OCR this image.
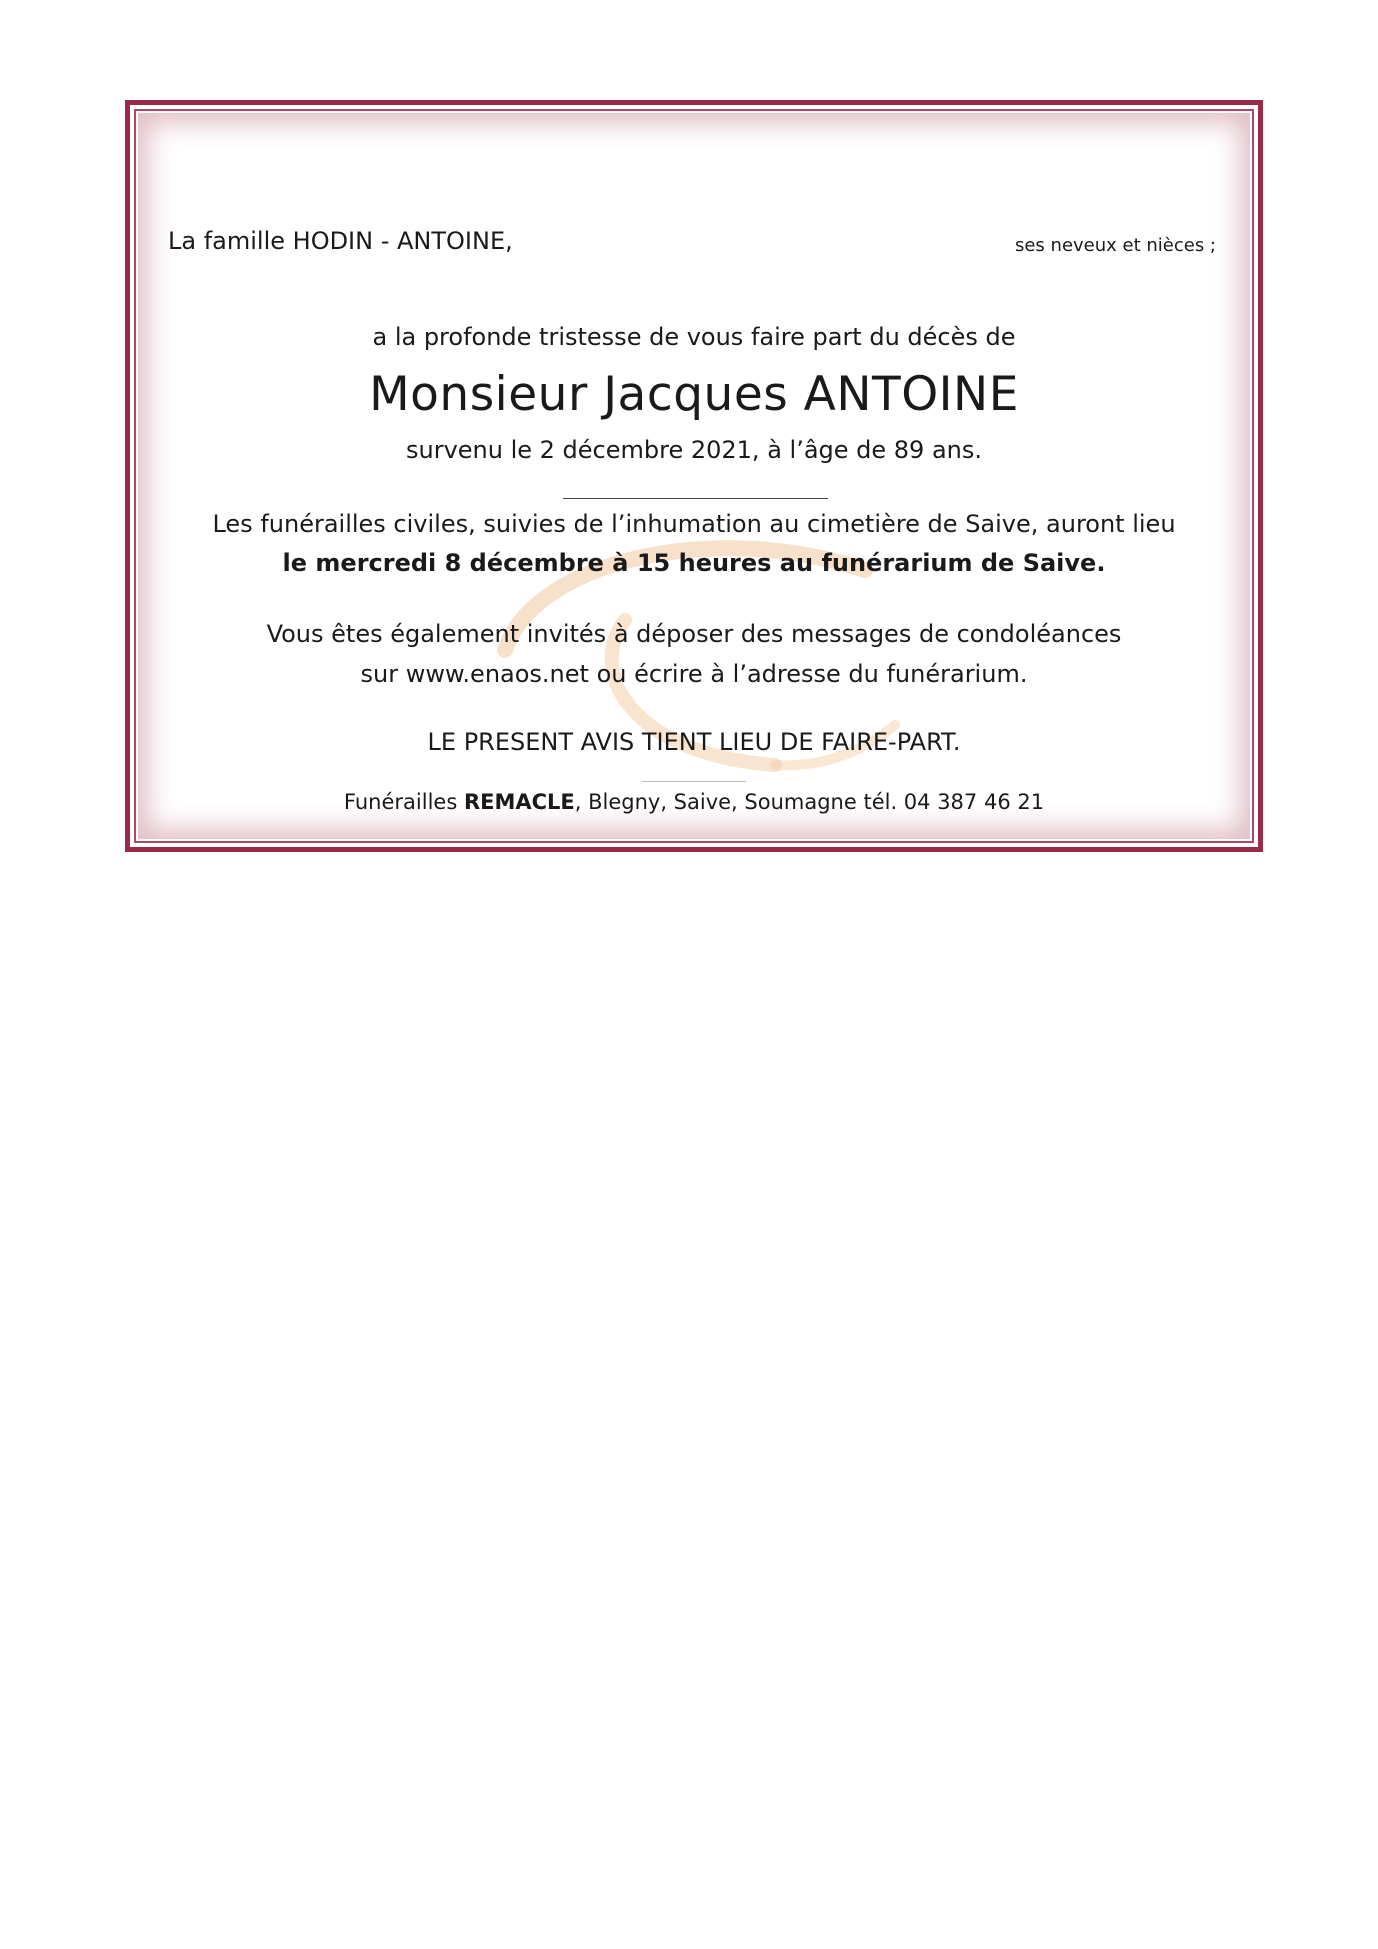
La famille HODIN - ANTOINE,	ses neveux et nièces ;

a la profonde tristesse de vous faire part du décès de

Monsieur Jacques ANTOINE

survenu le 2 décembre 2021, à l’âge de 89 ans.

Les funérailles civiles, suivies de l’inhumation au cimetière de Saive, auront lieu

le mercredi 8 décembre à 15 heures au funérarium de Saive.

Vous êtes également invités à déposer des messages de condoléances

sur www.enaos.net ou écrire à l’adresse du funérarium.

LE PRESENT AVIS TIENT LIEU DE FAIRE-PART.

Funérailles REMACLE, Blegny, Saive, Soumagne tél. 04 387 46 21
